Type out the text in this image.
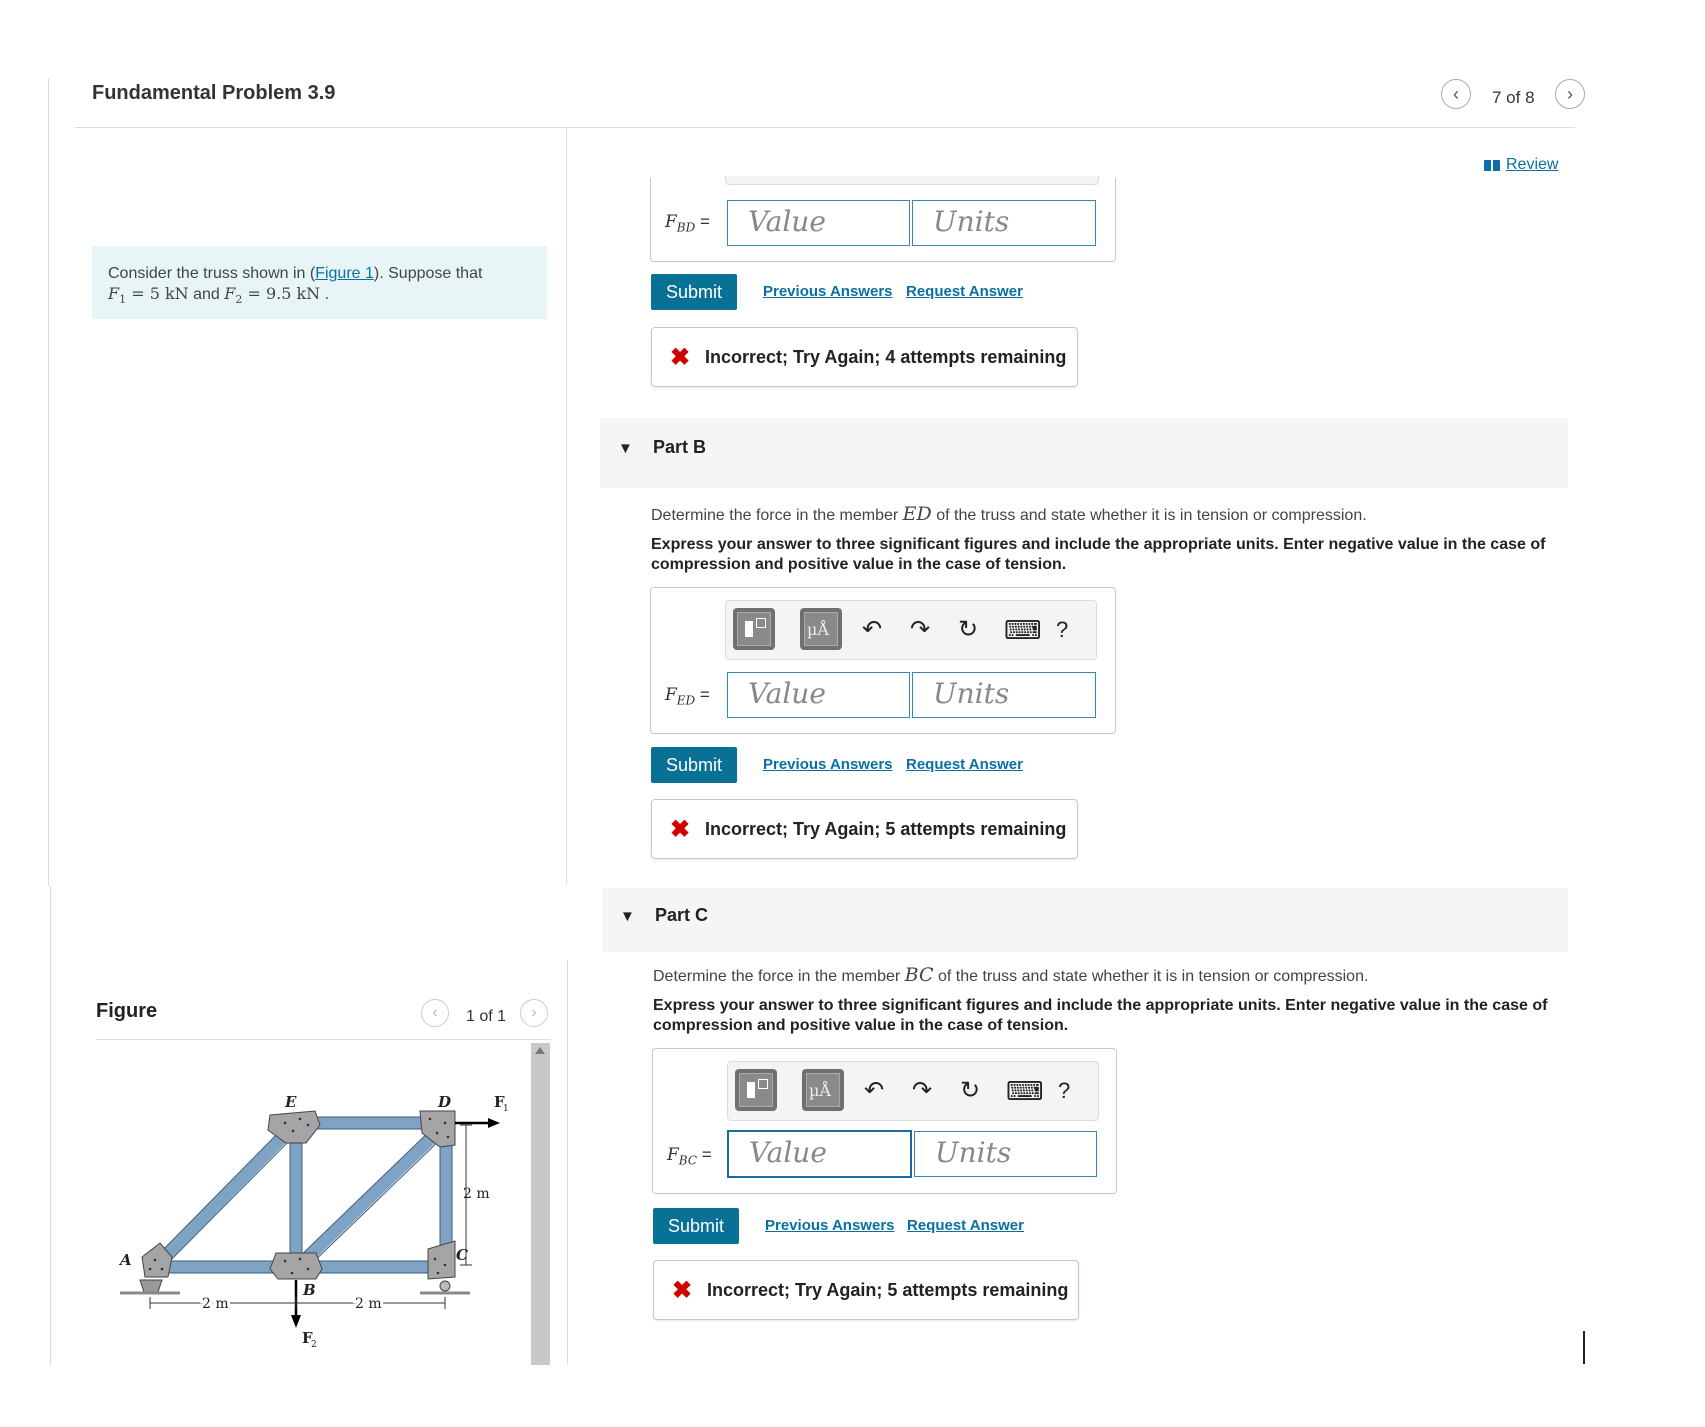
Fundamental Problem 3.9	‹ 7 of 8 ›
Review
Consider the truss shown in (Figure 1). Suppose that
$F_1 = 5$ kN and $F_2 = 9.5$ kN .
Figure	‹ 1 of 1 ›
E	D
A
B
C
F
1
F
2
2 m
2 m	2 m
$F_{BD}$ =	Value	Units
Submit	Previous Answers Request Answer
✖ Incorrect; Try Again; 4 attempts remaining
▼ Part B
Determine the force in the member ED of the truss and state whether it is in tension or compression.
Express your answer to three significant figures and include the appropriate units. Enter negative value in the case of compression and positive value in the case of tension.
µÅ ↶ ↷ ↻ ⌨ ?
$F_{ED}$ =	Value	Units
Submit	Previous Answers Request Answer
✖ Incorrect; Try Again; 5 attempts remaining
▼ Part C
Determine the force in the member BC of the truss and state whether it is in tension or compression.
Express your answer to three significant figures and include the appropriate units. Enter negative value in the case of compression and positive value in the case of tension.
µÅ ↶ ↷ ↻ ⌨ ?
$F_{BC}$ =	Value	Units
Submit	Previous Answers Request Answer
✖ Incorrect; Try Again; 5 attempts remaining
